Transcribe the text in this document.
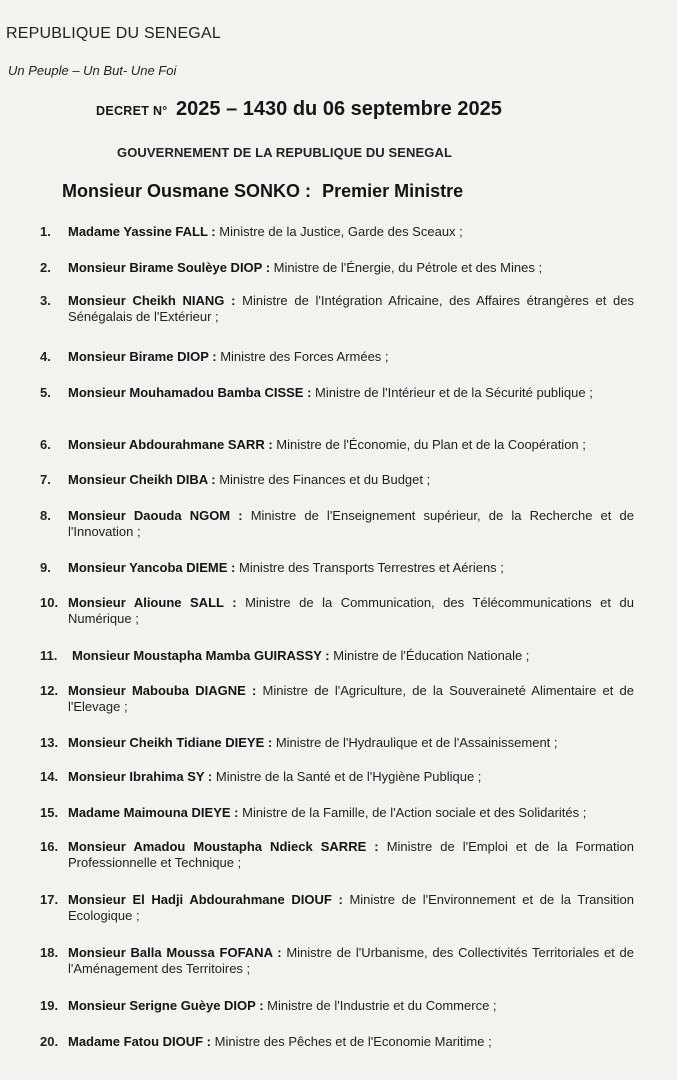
REPUBLIQUE DU SENEGAL
Un Peuple – Un But- Une Foi
DECRET N° 2025 – 1430 du 06 septembre 2025
GOUVERNEMENT DE LA REPUBLIQUE DU SENEGAL
Monsieur Ousmane SONKO : Premier Ministre
1. Madame Yassine FALL : Ministre de la Justice, Garde des Sceaux ;
2. Monsieur Birame Soulèye DIOP : Ministre de l'Énergie, du Pétrole et des Mines ;
3. Monsieur Cheikh NIANG : Ministre de l'Intégration Africaine, des Affaires étrangères et des Sénégalais de l'Extérieur ;
4. Monsieur Birame DIOP : Ministre des Forces Armées ;
5. Monsieur Mouhamadou Bamba CISSE : Ministre de l'Intérieur et de la Sécurité publique ;
6. Monsieur Abdourahmane SARR : Ministre de l'Économie, du Plan et de la Coopération ;
7. Monsieur Cheikh DIBA : Ministre des Finances et du Budget ;
8. Monsieur Daouda NGOM : Ministre de l'Enseignement supérieur, de la Recherche et de l'Innovation ;
9. Monsieur Yancoba DIEME : Ministre des Transports Terrestres et Aériens ;
10. Monsieur Alioune SALL : Ministre de la Communication, des Télécommunications et du Numérique ;
11. Monsieur Moustapha Mamba GUIRASSY : Ministre de l'Éducation Nationale ;
12. Monsieur Mabouba DIAGNE : Ministre de l'Agriculture, de la Souveraineté Alimentaire et de l'Elevage ;
13. Monsieur Cheikh Tidiane DIEYE : Ministre de l'Hydraulique et de l'Assainissement ;
14. Monsieur Ibrahima SY : Ministre de la Santé et de l'Hygiène Publique ;
15. Madame Maimouna DIEYE : Ministre de la Famille, de l'Action sociale et des Solidarités ;
16. Monsieur Amadou Moustapha Ndieck SARRE : Ministre de l'Emploi et de la Formation Professionnelle et Technique ;
17. Monsieur El Hadji Abdourahmane DIOUF : Ministre de l'Environnement et de la Transition Ecologique ;
18. Monsieur Balla Moussa FOFANA : Ministre de l'Urbanisme, des Collectivités Territoriales et de l'Aménagement des Territoires ;
19. Monsieur Serigne Guèye DIOP : Ministre de l'Industrie et du Commerce ;
20. Madame Fatou DIOUF : Ministre des Pêches et de l'Economie Maritime ;
